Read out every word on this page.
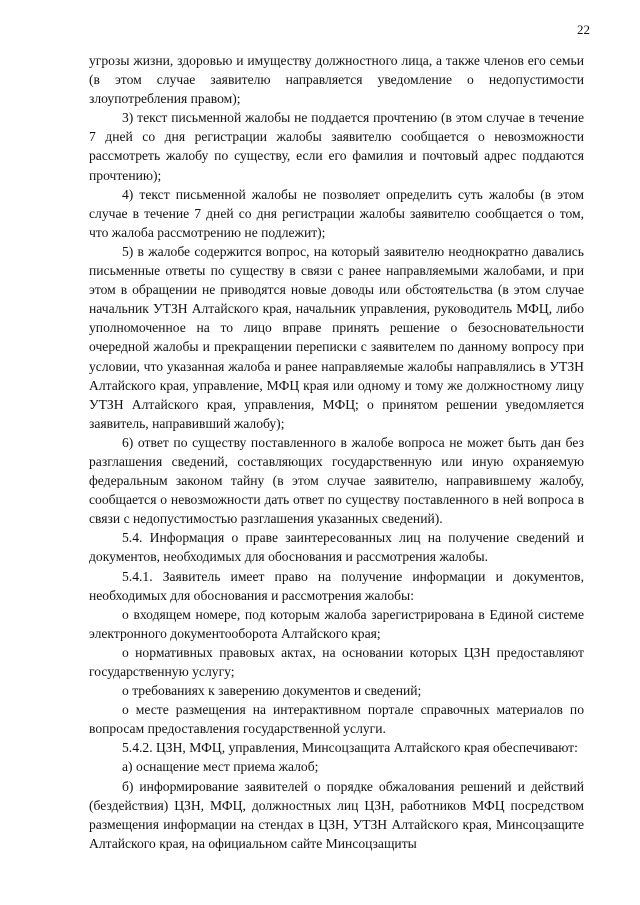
22

угрозы жизни, здоровью и имуществу должностного лица, а также членов его семьи (в этом случае заявителю направляется уведомление о недопустимости злоупотребления правом);

3) текст письменной жалобы не поддается прочтению (в этом случае в течение 7 дней со дня регистрации жалобы заявителю сообщается о невозможности рассмотреть жалобу по существу, если его фамилия и почтовый адрес поддаются прочтению);

4) текст письменной жалобы не позволяет определить суть жалобы (в этом случае в течение 7 дней со дня регистрации жалобы заявителю сообщается о том, что жалоба рассмотрению не подлежит);

5) в жалобе содержится вопрос, на который заявителю неоднократно давались письменные ответы по существу в связи с ранее направляемыми жалобами, и при этом в обращении не приводятся новые доводы или обстоятельства (в этом случае начальник УТЗН Алтайского края, начальник управления, руководитель МФЦ, либо уполномоченное на то лицо вправе принять решение о безосновательности очередной жалобы и прекращении переписки с заявителем по данному вопросу при условии, что указанная жалоба и ранее направляемые жалобы направлялись в УТЗН Алтайского края, управление, МФЦ края или одному и тому же должностному лицу УТЗН Алтайского края, управления, МФЦ; о принятом решении уведомляется заявитель, направивший жалобу);

6) ответ по существу поставленного в жалобе вопроса не может быть дан без разглашения сведений, составляющих государственную или иную охраняемую федеральным законом тайну (в этом случае заявителю, направившему жалобу, сообщается о невозможности дать ответ по существу поставленного в ней вопроса в связи с недопустимостью разглашения указанных сведений).

5.4. Информация о праве заинтересованных лиц на получение сведений и документов, необходимых для обоснования и рассмотрения жалобы.

5.4.1. Заявитель имеет право на получение информации и документов, необходимых для обоснования и рассмотрения жалобы:

о входящем номере, под которым жалоба зарегистрирована в Единой системе электронного документооборота Алтайского края;

о нормативных правовых актах, на основании которых ЦЗН предоставляют государственную услугу;

о требованиях к заверению документов и сведений;

о месте размещения на интерактивном портале справочных материалов по вопросам предоставления государственной услуги.

5.4.2. ЦЗН, МФЦ, управления, Минсоцзащита Алтайского края обеспечивают:

а) оснащение мест приема жалоб;

б) информирование заявителей о порядке обжалования решений и действий (бездействия) ЦЗН, МФЦ, должностных лиц ЦЗН, работников МФЦ посредством размещения информации на стендах в ЦЗН, УТЗН Алтайского края, Минсоцзащите Алтайского края, на официальном сайте Минсоцзащиты
